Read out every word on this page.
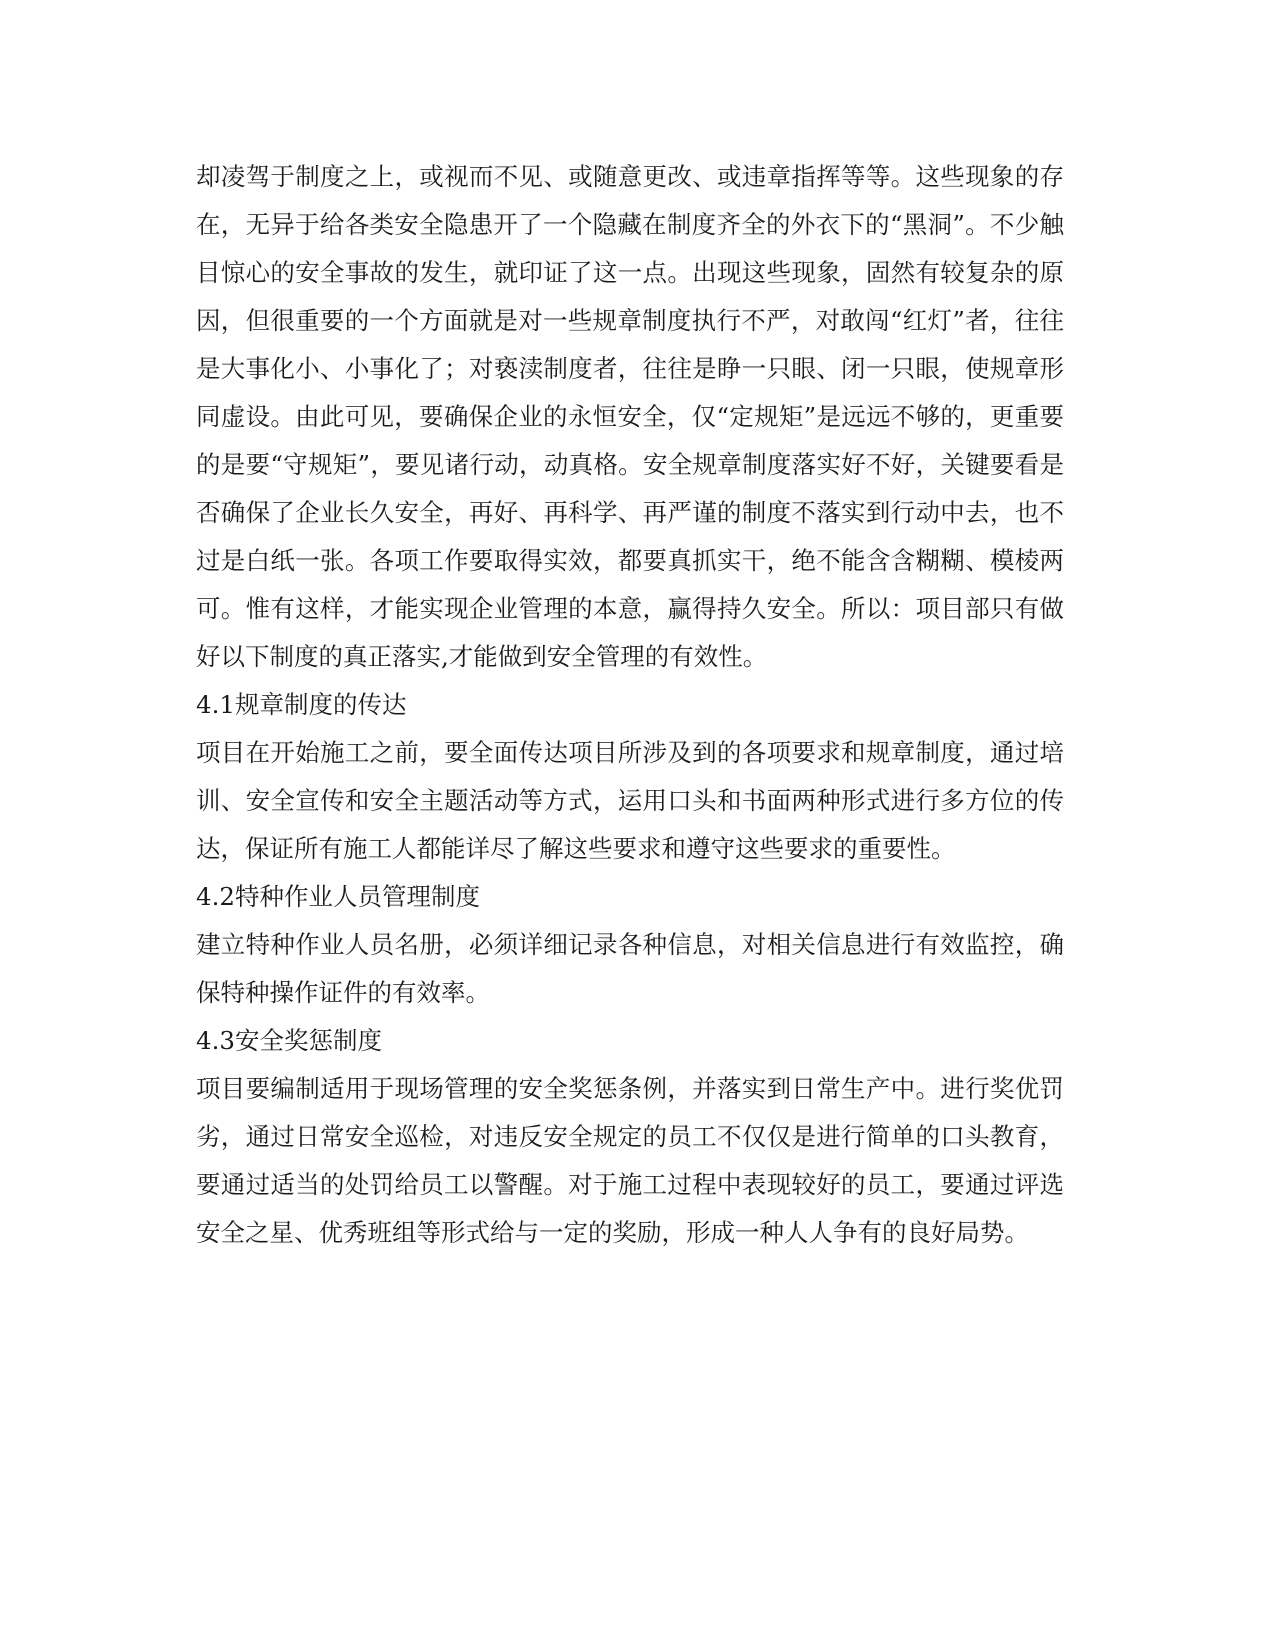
却凌驾于制度之上，或视而不见、或随意更改、或违章指挥等等。这些现象的存在，无异于给各类安全隐患开了一个隐藏在制度齐全的外衣下的“黑洞”。不少触目惊心的安全事故的发生，就印证了这一点。出现这些现象，固然有较复杂的原因，但很重要的一个方面就是对一些规章制度执行不严，对敢闯“红灯”者，往往是大事化小、小事化了；对亵渎制度者，往往是睁一只眼、闭一只眼，使规章形同虚设。由此可见，要确保企业的永恒安全，仅“定规矩”是远远不够的，更重要的是要“守规矩”，要见诸行动，动真格。安全规章制度落实好不好，关键要看是否确保了企业长久安全，再好、再科学、再严谨的制度不落实到行动中去，也不过是白纸一张。各项工作要取得实效，都要真抓实干，绝不能含含糊糊、模棱两可。惟有这样，才能实现企业管理的本意，赢得持久安全。所以：项目部只有做好以下制度的真正落实,才能做到安全管理的有效性。

4.1规章制度的传达

项目在开始施工之前，要全面传达项目所涉及到的各项要求和规章制度，通过培训、安全宣传和安全主题活动等方式，运用口头和书面两种形式进行多方位的传达，保证所有施工人都能详尽了解这些要求和遵守这些要求的重要性。

4.2特种作业人员管理制度

建立特种作业人员名册，必须详细记录各种信息，对相关信息进行有效监控，确保特种操作证件的有效率。

4.3安全奖惩制度

项目要编制适用于现场管理的安全奖惩条例，并落实到日常生产中。进行奖优罚劣，通过日常安全巡检，对违反安全规定的员工不仅仅是进行简单的口头教育，要通过适当的处罚给员工以警醒。对于施工过程中表现较好的员工，要通过评选安全之星、优秀班组等形式给与一定的奖励，形成一种人人争有的良好局势。
